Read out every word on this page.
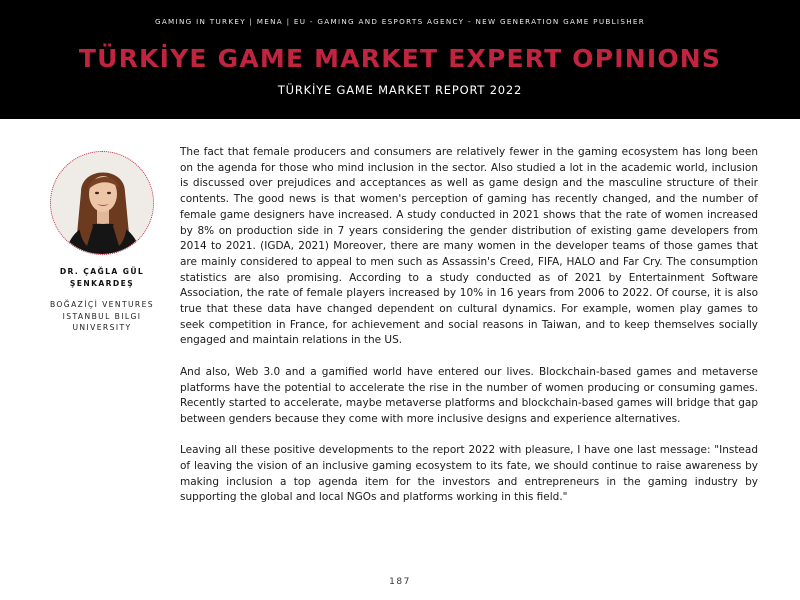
GAMING IN TURKEY | MENA | EU - GAMING AND ESPORTS AGENCY - NEW GENERATION GAME PUBLISHER
TÜRKİYE GAME MARKET EXPERT OPINIONS
TÜRKİYE GAME MARKET REPORT 2022
DR. ÇAĞLA GÜL
ŞENKARDEŞ
BOĞAZİÇİ VENTURES
ISTANBUL BILGI
UNIVERSITY

The fact that female producers and consumers are relatively fewer in the gaming ecosystem has long been on the agenda for those who mind inclusion in the sector. Also studied a lot in the academic world, inclusion is discussed over prejudices and acceptances as well as game design and the masculine structure of their contents. The good news is that women's perception of gaming has recently changed, and the number of female game designers have increased. A study conducted in 2021 shows that the rate of women increased by 8% on production side in 7 years considering the gender distribution of existing game developers from 2014 to 2021. (IGDA, 2021) Moreover, there are many women in the developer teams of those games that are mainly considered to appeal to men such as Assassin's Creed, FIFA, HALO and Far Cry. The consumption statistics are also promising. According to a study conducted as of 2021 by Entertainment Software Association, the rate of female players increased by 10% in 16 years from 2006 to 2022. Of course, it is also true that these data have changed dependent on cultural dynamics. For example, women play games to seek competition in France, for achievement and social reasons in Taiwan, and to keep themselves socially engaged and maintain relations in the US.

And also, Web 3.0 and a gamified world have entered our lives. Blockchain-based games and metaverse platforms have the potential to accelerate the rise in the number of women producing or consuming games. Recently started to accelerate, maybe metaverse platforms and blockchain-based games will bridge that gap between genders because they come with more inclusive designs and experience alternatives.

Leaving all these positive developments to the report 2022 with pleasure, I have one last message: "Instead of leaving the vision of an inclusive gaming ecosystem to its fate, we should continue to raise awareness by making inclusion a top agenda item for the investors and entrepreneurs in the gaming industry by supporting the global and local NGOs and platforms working in this field."

187
